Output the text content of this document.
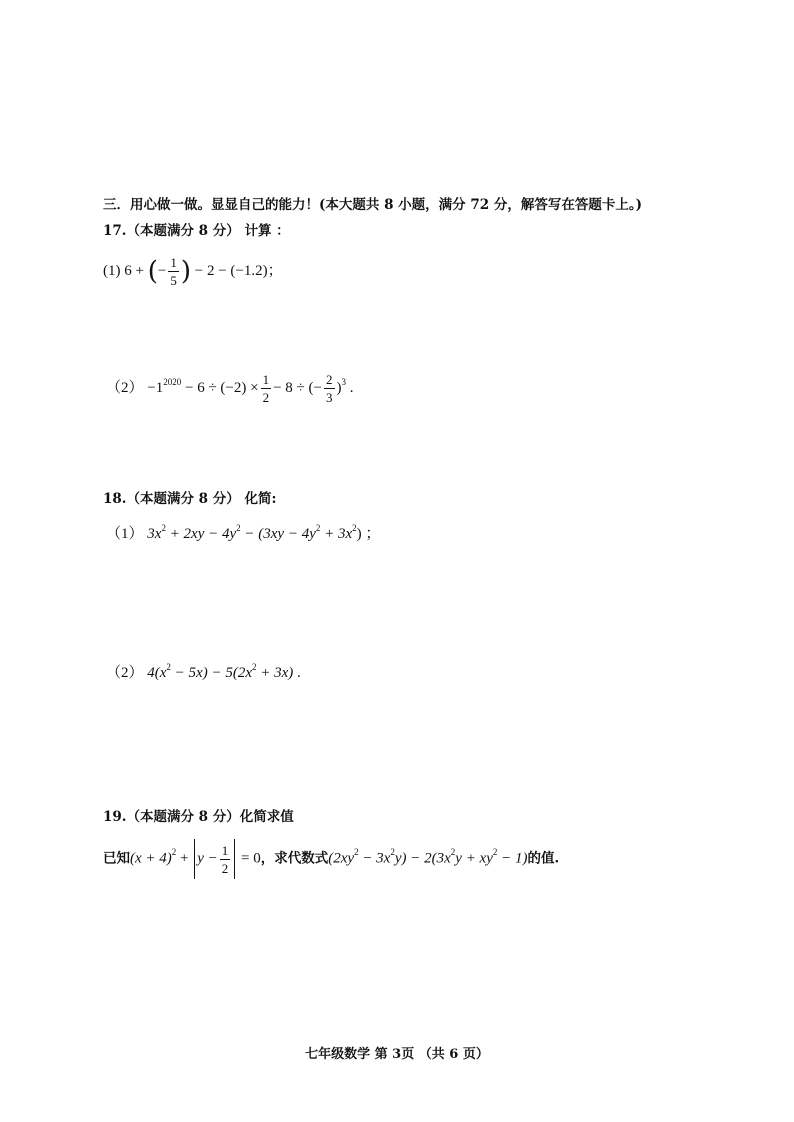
三．用心做一做。显显自己的能力！(本大题共 8 小题，满分 72 分，解答写在答题卡上。)
17.（本题满分 8 分） 计算 ：
(1) 6 + (− $\frac{1}{5}$ ) − 2 − (−1.2)；
$(2) -1^{2020} - 6 \div (-2) \times \frac{1}{2} - 8$ ÷ (− $\frac{2}{3} )^3$ .
18.（本题满分 8 分） 化简:
（1） $3x^2 + 2xy - 4y^2 - (3xy - 4y^2 + 3x^2)$ ；
（2） $4(x^2 - 5x) - 5(2x^2 + 3x)$ .
19.（本题满分 8 分）化简求值
已知$(x + 4)^2 + y - \frac{1}{2} = 0$，求代数式$(2xy^2 - 3x^2y) - 2(3x^2y + xy^2 - 1)$的值.
七年级数学 第 3页 （共 6 页）
